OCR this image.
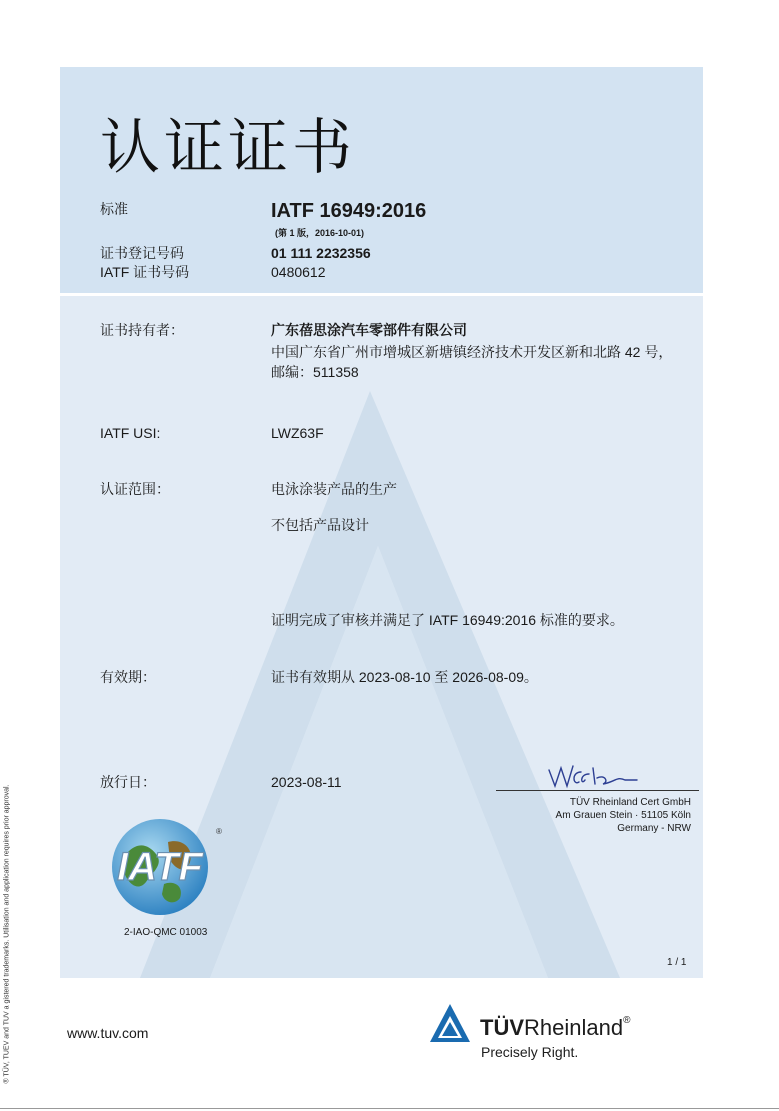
认证证书
标准	IATF 16949:2016
(第 1 版，2016-10-01)
证书登记号码	01 111 2232356
IATF 证书号码	0480612
证书持有者：	广东蓓思涂汽车零部件有限公司
中国广东省广州市增城区新塘镇经济技术开发区新和北路 42 号，
邮编：511358
IATF USI:	LWZ63F
认证范围：	电泳涂装产品的生产
不包括产品设计
证明完成了审核并满足了 IATF 16949:2016 标准的要求。
有效期：	证书有效期从 2023-08-10 至 2026-08-09。
放行日：	2023-08-11
TÜV Rheinland Cert GmbH
Am Grauen Stein · 51105 Köln
Germany - NRW
IATF
®
2-IAO-QMC 01003
1 / 1
www.tuv.com	TÜVRheinland®
Precisely Right.
® TÜV, TUEV and TUV a gistered trademarks. Utilisation and application requires prior approval.
